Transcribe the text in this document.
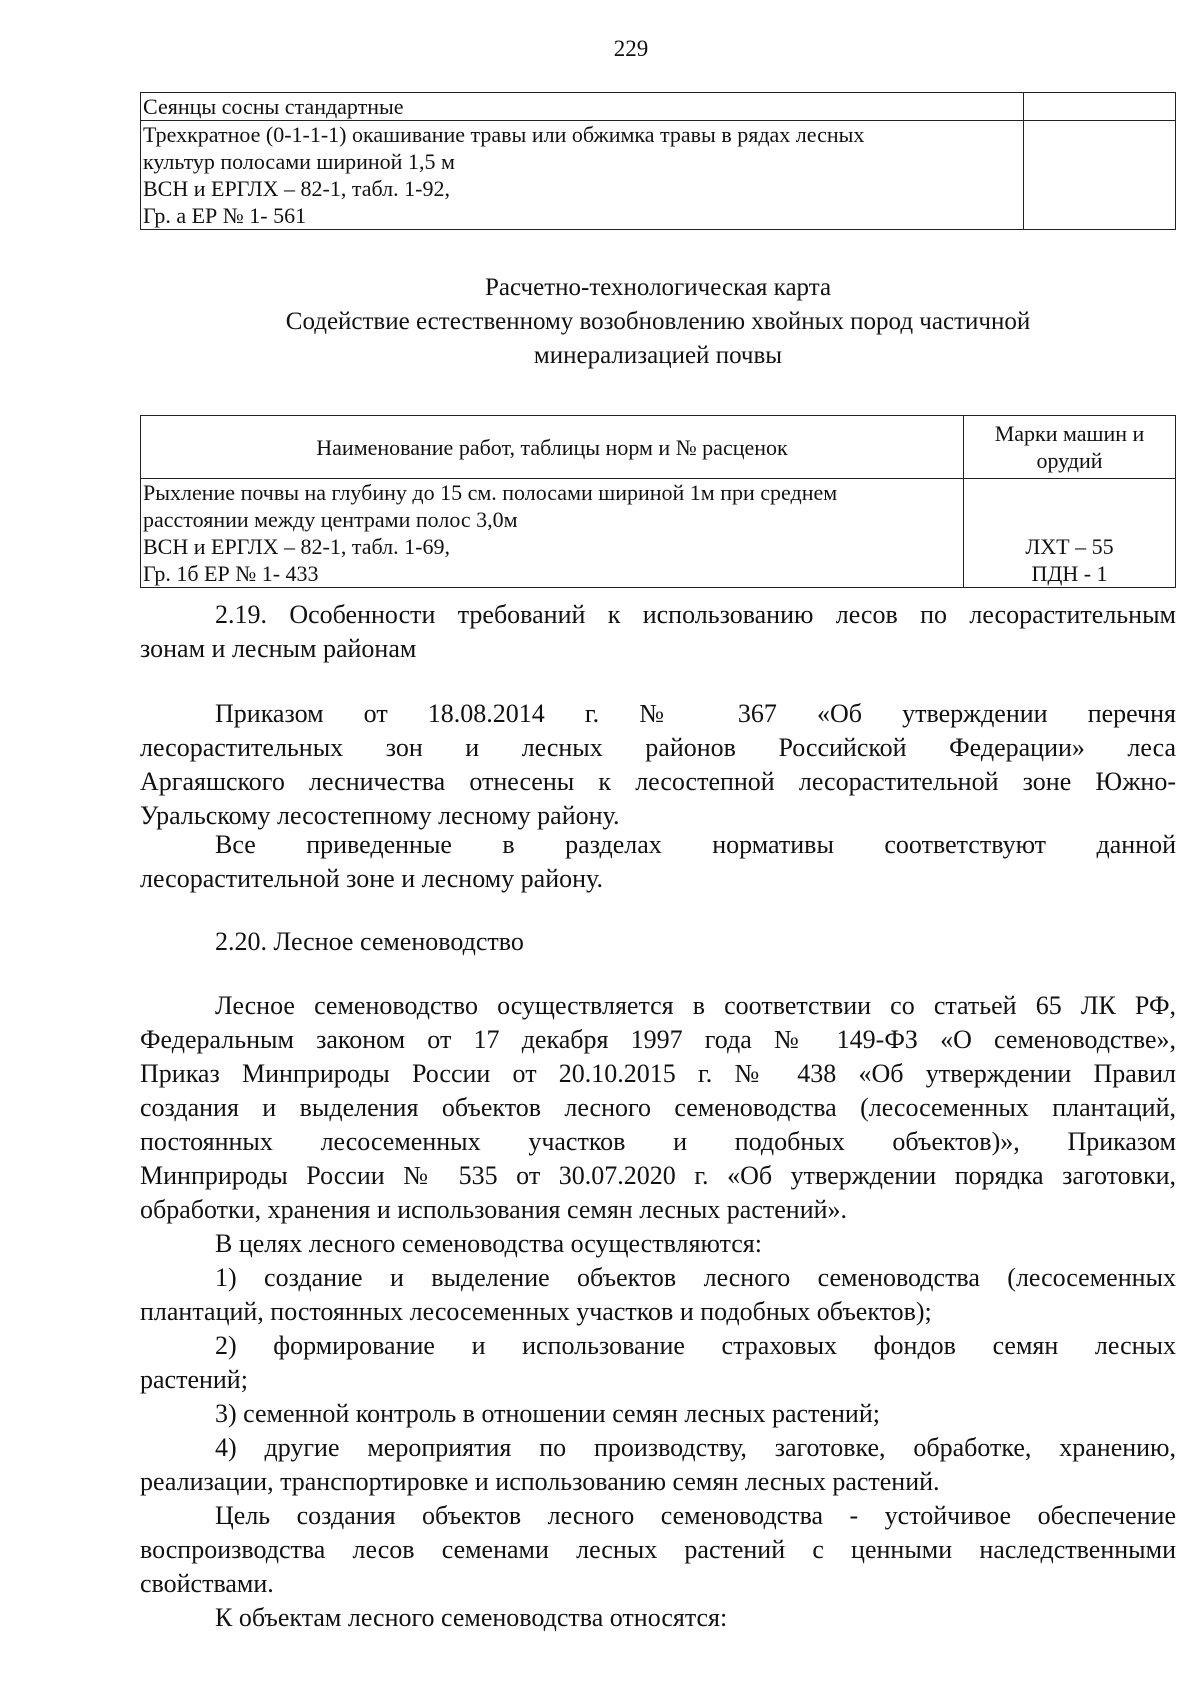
229
Сеянцы сосны стандартные	

Трехкратное (0-1-1-1) окашивание травы или обжимка травы в рядах лесных
культур полосами шириной 1,5 м
ВСН и ЕРГЛХ – 82-1, табл. 1-92,
Гр. а ЕР № 1- 561	

Расчетно-технологическая карта
Содействие естественному возобновлению хвойных пород частичной
минерализацией почвы
Наименование работ, таблицы норм и № расценок	Марки машин и
орудий

Рыхление почвы на глубину до 15 см. полосами шириной 1м при среднем
расстоянии между центрами полос 3,0м
ВСН и ЕРГЛХ – 82-1, табл. 1-69,
Гр. 1б ЕР № 1- 433	ЛХТ – 55
ПДН - 1
2.19. Особенности требований к использованию лесов по лесорастительным
зонам и лесным районам
Приказом от 18.08.2014 г. № 367 «Об утверждении перечня
лесорастительных зон и лесных районов Российской Федерации» леса
Аргаяшского лесничества отнесены к лесостепной лесорастительной зоне Южно-
Уральскому лесостепному лесному району.
Все приведенные в разделах нормативы соответствуют данной
лесорастительной зоне и лесному району.
2.20. Лесное семеноводство
Лесное семеноводство осуществляется в соответствии со статьей 65 ЛК РФ,
Федеральным законом от 17 декабря 1997 года № 149-ФЗ «О семеноводстве»,
Приказ Минприроды России от 20.10.2015 г. № 438 «Об утверждении Правил
создания и выделения объектов лесного семеноводства (лесосеменных плантаций,
постоянных лесосеменных участков и подобных объектов)», Приказом
Минприроды России № 535 от 30.07.2020 г. «Об утверждении порядка заготовки,
обработки, хранения и использования семян лесных растений».
В целях лесного семеноводства осуществляются:
1) создание и выделение объектов лесного семеноводства (лесосеменных
плантаций, постоянных лесосеменных участков и подобных объектов);
2) формирование и использование страховых фондов семян лесных
растений;
3) семенной контроль в отношении семян лесных растений;
4) другие мероприятия по производству, заготовке, обработке, хранению,
реализации, транспортировке и использованию семян лесных растений.
Цель создания объектов лесного семеноводства - устойчивое обеспечение
воспроизводства лесов семенами лесных растений с ценными наследственными
свойствами.
К объектам лесного семеноводства относятся:
